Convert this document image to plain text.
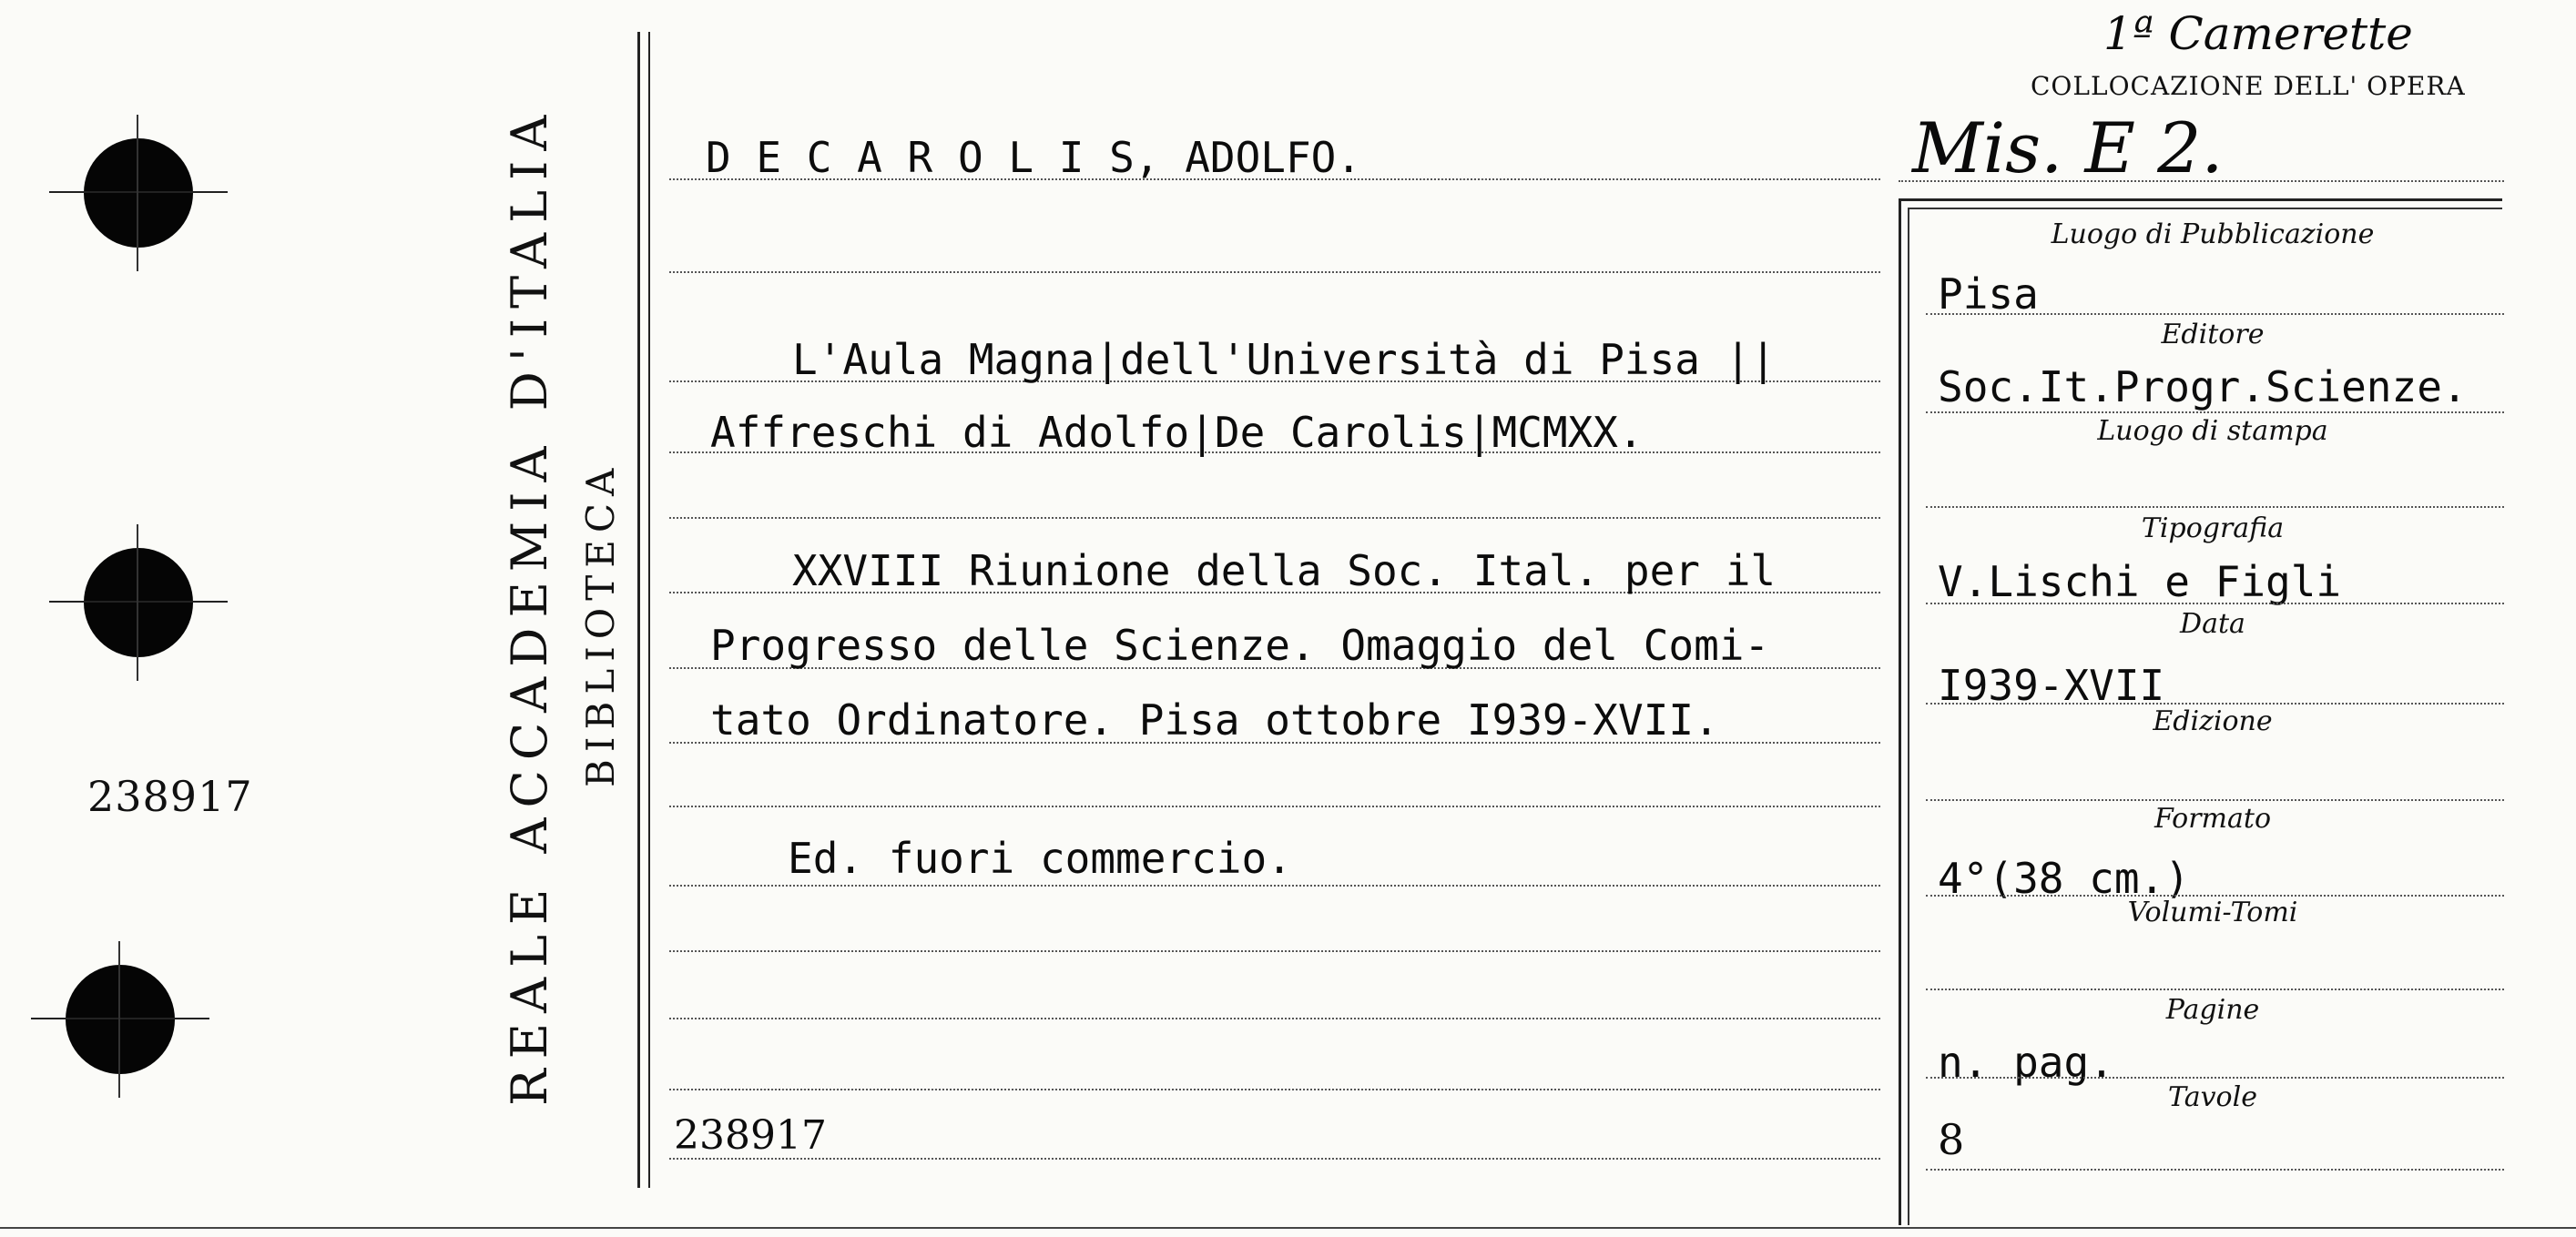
238917	REALE ACCADEMIA D'ITALIA BIBLIOTECA
D E C A R O L I S, ADOLFO.
L'Aula Magna|dell'Università di Pisa ||
Affreschi di Adolfo|De Carolis|MCMXX.
XXVIII Riunione della Soc. Ital. per il
Progresso delle Scienze. Omaggio del Comi-
tato Ordinatore. Pisa ottobre I939-XVII.
Ed. fuori commercio.
238917
1ª Camerette
COLLOCAZIONE DELL' OPERA
Mis. E 2.
Luogo di Pubblicazione
Editore
Luogo di stampa
Tipografia
Data
Edizione
Formato
Volumi-Tomi
Pagine
Tavole
Pisa
Soc.It.Progr.Scienze.
V.Lischi e Figli
I939-XVII
4°(38 cm.)
n. pag.
8
